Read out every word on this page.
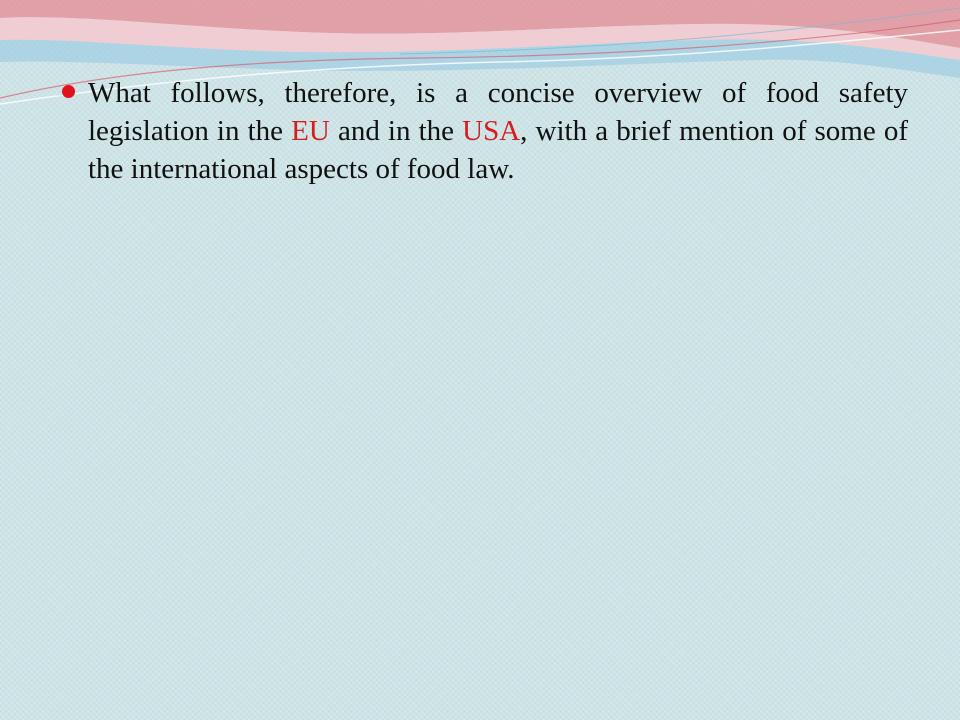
What follows, therefore, is a concise overview of food safety legislation in the EU and in the USA, with a brief mention of some of the international aspects of food law.
